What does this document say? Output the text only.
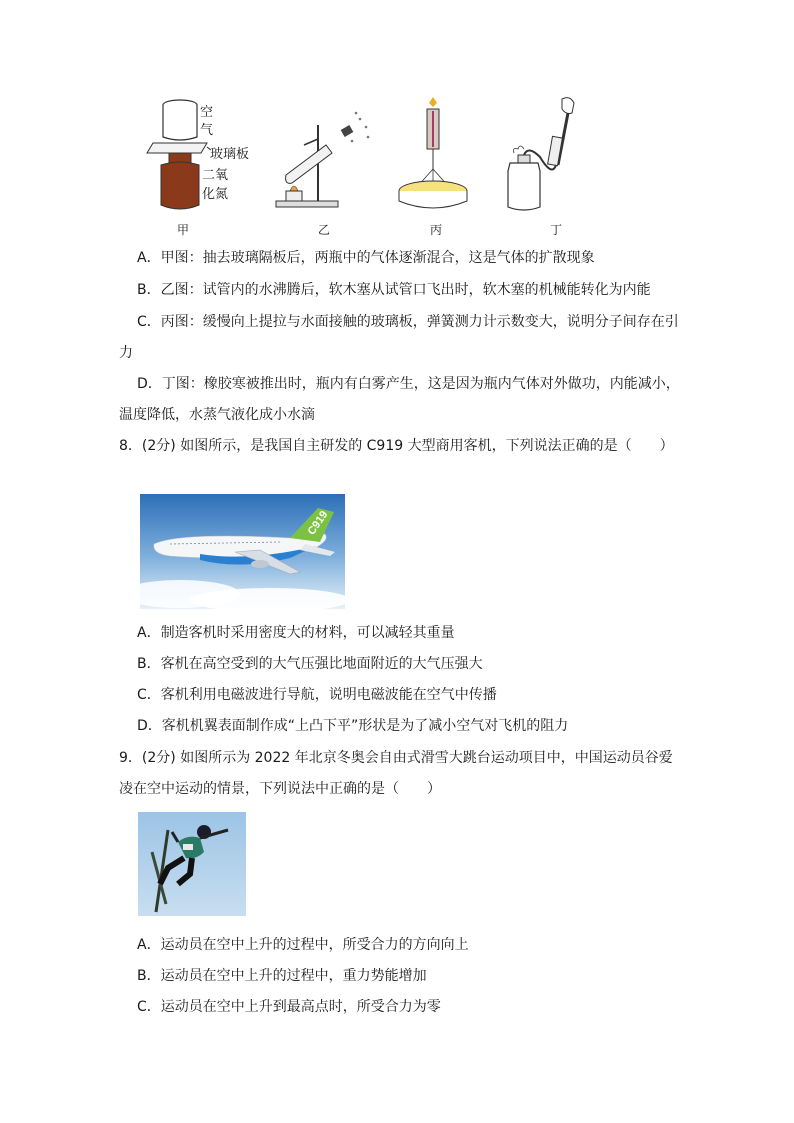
空
气
玻璃板
二氧
化氮
甲	乙	丙	丁
A．甲图：抽去玻璃隔板后，两瓶中的气体逐渐混合，这是气体的扩散现象
B．乙图：试管内的水沸腾后，软木塞从试管口飞出时，软木塞的机械能转化为内能
C．丙图：缓慢向上提拉与水面接触的玻璃板，弹簧测力计示数变大，说明分子间存在引
力
D．丁图：橡胶寒被推出时，瓶内有白雾产生，这是因为瓶内气体对外做功，内能减小，
温度降低，水蒸气液化成小水滴
8．(2分) 如图所示，是我国自主研发的 C919 大型商用客机，下列说法正确的是（　　）
C919
A．制造客机时采用密度大的材料，可以减轻其重量
B．客机在高空受到的大气压强比地面附近的大气压强大
C．客机利用电磁波进行导航，说明电磁波能在空气中传播
D．客机机翼表面制作成“上凸下平”形状是为了减小空气对飞机的阻力
9．(2分) 如图所示为 2022 年北京冬奥会自由式滑雪大跳台运动项目中，中国运动员谷爱
凌在空中运动的情景，下列说法中正确的是（　　）
A．运动员在空中上升的过程中，所受合力的方向向上
B．运动员在空中上升的过程中，重力势能增加
C．运动员在空中上升到最高点时，所受合力为零
